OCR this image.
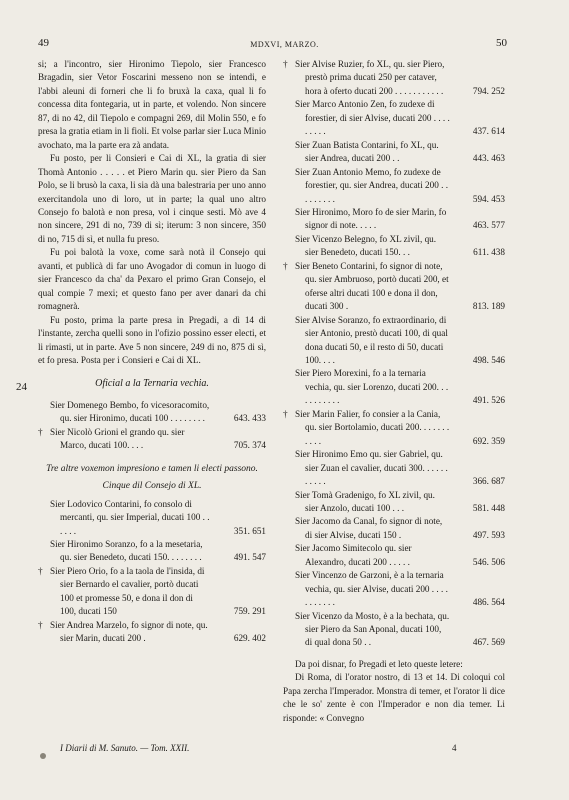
49	MDXVI, MARZO.	50

si; a l'incontro, sier Hironimo Tiepolo, sier Francesco Bragadin, sier Vetor Foscarini messeno non se intendi, e l'abbi aleuni di forneri che li fo bruxà la caxa, qual li fo concessa dita fontegaria, ut in parte, et volendo. Non sincere 87, di no 42, dil Tiepolo e compagni 269, dil Molin 550, e fo presa la gratia etiam in li fioli. Et volse parlar sier Luca Minio avochato, ma la parte era zà andata.

Fu posto, per li Consieri e Cai di XL, la gratia di sier Thomà Antonio . . . . . et Piero Marin qu. sier Piero da San Polo, se li brusò la caxa, li sia dà una balestraria per uno anno exercitandola uno di loro, ut in parte; la qual uno altro Consejo fo balotà e non presa, vol i cinque sesti. Mò ave 4 non sincere, 291 di no, 739 di sì; iterum: 3 non sincere, 350 di no, 715 di sì, et nulla fu preso.

Fu poi balotà la voxe, come sarà notà il Consejo qui avanti, et publicà di far uno Avogador di comun in luogo di sier Francesco da cha' da Pexaro el primo Gran Consejo, el qual compie 7 mexi; et questo fano per aver danari da chi romagnerà.

Fu posto, prima la parte presa in Pregadi, a dì 14 di l'instante, zercha quelli sono in l'ofizio possino esser electi, et li rimasti, ut in parte. Ave 5 non sincere, 249 di no, 875 di sì, et fo presa. Posta per i Consieri e Cai di XL.

Oficial a la Ternaria vechia.

Sier Domenego Bembo, fo vicesoracomito, qu. sier Hironimo, ducati 100 . . . . . . . .	643. 433

† Sier Nicolò Grioni el grando qu. sier Marco, ducati 100. . . .	705. 374

Tre altre voxemon impresiono e tamen li electi passono.

Cinque dil Consejo di XL.

Sier Lodovico Contarini, fo consolo di mercanti, qu. sier Imperial, ducati 100 . . . . . .	351. 651

Sier Hironimo Soranzo, fo a la mesetaria, qu. sier Benedeto, ducati 150. . . . . . . .	491. 547

† Sier Piero Orio, fo a la taola de l'insida, di sier Bernardo el cavalier, portò ducati 100 et promesse 50, e dona il don di 100, ducati 150	759. 291

† Sier Andrea Marzelo, fo signor di note, qu. sier Marin, ducati 200 .	629. 402

24

† Sier Alvise Ruzier, fo XL, qu. sier Piero, prestò prima ducati 250 per cataver, hora à oferto ducati 200 . . . . . . . . . . .	794. 252

Sier Marco Antonio Zen, fo zudexe di forestier, di sier Alvise, ducati 200 . . . . . . . . .	437. 614

Sier Zuan Batista Contarini, fo XL, qu. sier Andrea, ducati 200 . .	443. 463

Sier Zuan Antonio Memo, fo zudexe de forestier, qu. sier Andrea, ducati 200 . . . . . . . . .	594. 453

Sier Hironimo, Moro fo de sier Marin, fo signor di note. . . . .	463. 577

Sier Vicenzo Belegno, fo XL zivil, qu. sier Benedeto, ducati 150. . .	611. 438

† Sier Beneto Contarini, fo signor di note, qu. sier Ambruoso, portò ducati 200, et oferse altri ducati 100 e dona il don, ducati 300 .	813. 189

Sier Alvise Soranzo, fo extraordinario, di sier Antonio, prestò ducati 100, di qual dona ducati 50, e il resto di 50, ducati 100. . . .	498. 546

Sier Piero Morexini, fo a la ternaria vechia, qu. sier Lorenzo, ducati 200. . . . . . . . . . .	491. 526

† Sier Marin Falier, fo consier a la Cania, qu. sier Bortolamio, ducati 200. . . . . . . . . . .	692. 359

Sier Hironimo Emo qu. sier Gabriel, qu. sier Zuan el cavalier, ducati 300. . . . . . . . . . .	366. 687

Sier Tomà Gradenigo, fo XL zivil, qu. sier Anzolo, ducati 100 . . .	581. 448

Sier Jacomo da Canal, fo signor di note, di sier Alvise, ducati 150 .	497. 593

Sier Jacomo Simitecolo qu. sier Alexandro, ducati 200 . . . . .	546. 506

Sier Vincenzo de Garzoni, è a la ternaria vechia, qu. sier Alvise, ducati 200 . . . . . . . . . . .	486. 564

Sier Vicenzo da Mosto, è a la bechata, qu. sier Piero da San Aponal, ducati 100, di qual dona 50 . .	467. 569

Da poi disnar, fo Pregadi et leto queste letere:

Di Roma, di l'orator nostro, di 13 et 14. Di coloqui col Papa zercha l'Imperador. Monstra di temer, et l'orator li dice che le so' zente è con l'Imperador e non dia temer. Li risponde: « Convegno

I Diarii di M. Sanuto. — Tom. XXII.	4
